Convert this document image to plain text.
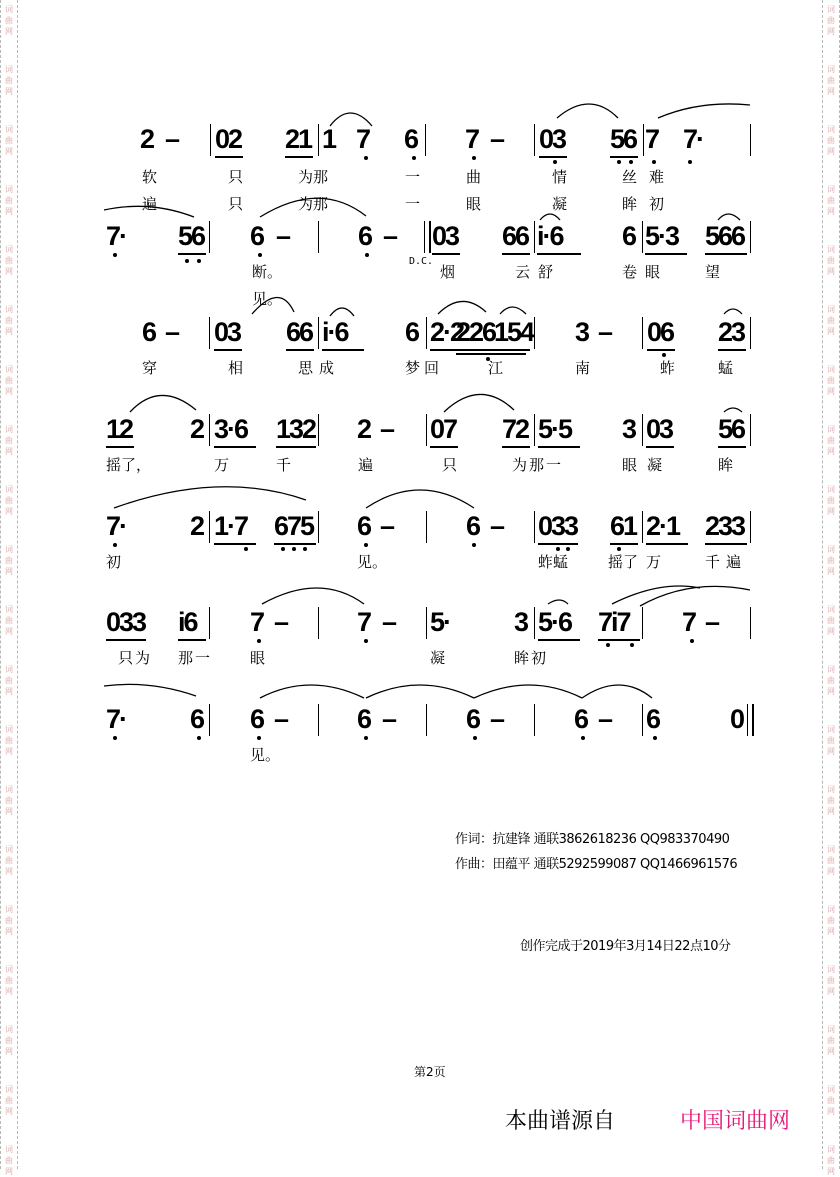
词
曲
网
词
曲
网
词
曲
网
词
曲
网
词
曲
网
词
曲
网
词
曲
网
词
曲
网
词
曲
网
词
曲
网
词
曲
网
词
曲
网
词
曲
网
词
曲
网
词
曲
网
词
曲
网
词
曲
网
词
曲
网
词
曲
网
词
曲
网
词
曲
网
词
曲
网
词
曲
网
词
曲
网
词
曲
网
词
曲
网
词
曲
网
词
曲
网
词
曲
网
词
曲
网
词
曲
网
词
曲
网
词
曲
网
词
曲
网
词
曲
网
词
曲
网
词
曲
网
词
曲
网
词
曲
网
词
曲
网
2 – 02 21 1 7 6 7 – 03 56 7 7·
软	只	为那	一	曲	情	丝难
遍	只	为那	一	眼	凝	眸初
7· 56 6 –	6 – 03 66 i·6 6 5·3 566
D.C.
断。	烟	云舒	卷眼 望
见。
6 – 03 66 i·6 6 2·2
226
154 3 – 06 23
穿	相	思成	梦回	江	南	蚱	蜢
12 2 3·6 132 2 – 07 72 5·5 3 03 56
摇了，	万	千	遍	只	为那一	眼凝	眸
7· 2 1·7 675 6 –	6 – 033 61 2·1 233
初	见。	蚱蜢	摇了 万	千遍
033 i6 7 –	7 – 5· 3 5·6 7i7 7 –
只为 那一	眼	凝	眸初
7· 6 6 –	6 –	6 –	6 – 6	0
见。
作词：抗建锋 通联3862618236 QQ983370490
作曲：田蕴平 通联5292599087 QQ1466961576
创作完成于2019年3月14日22点10分
第2页
本曲谱源自	中国词曲网
